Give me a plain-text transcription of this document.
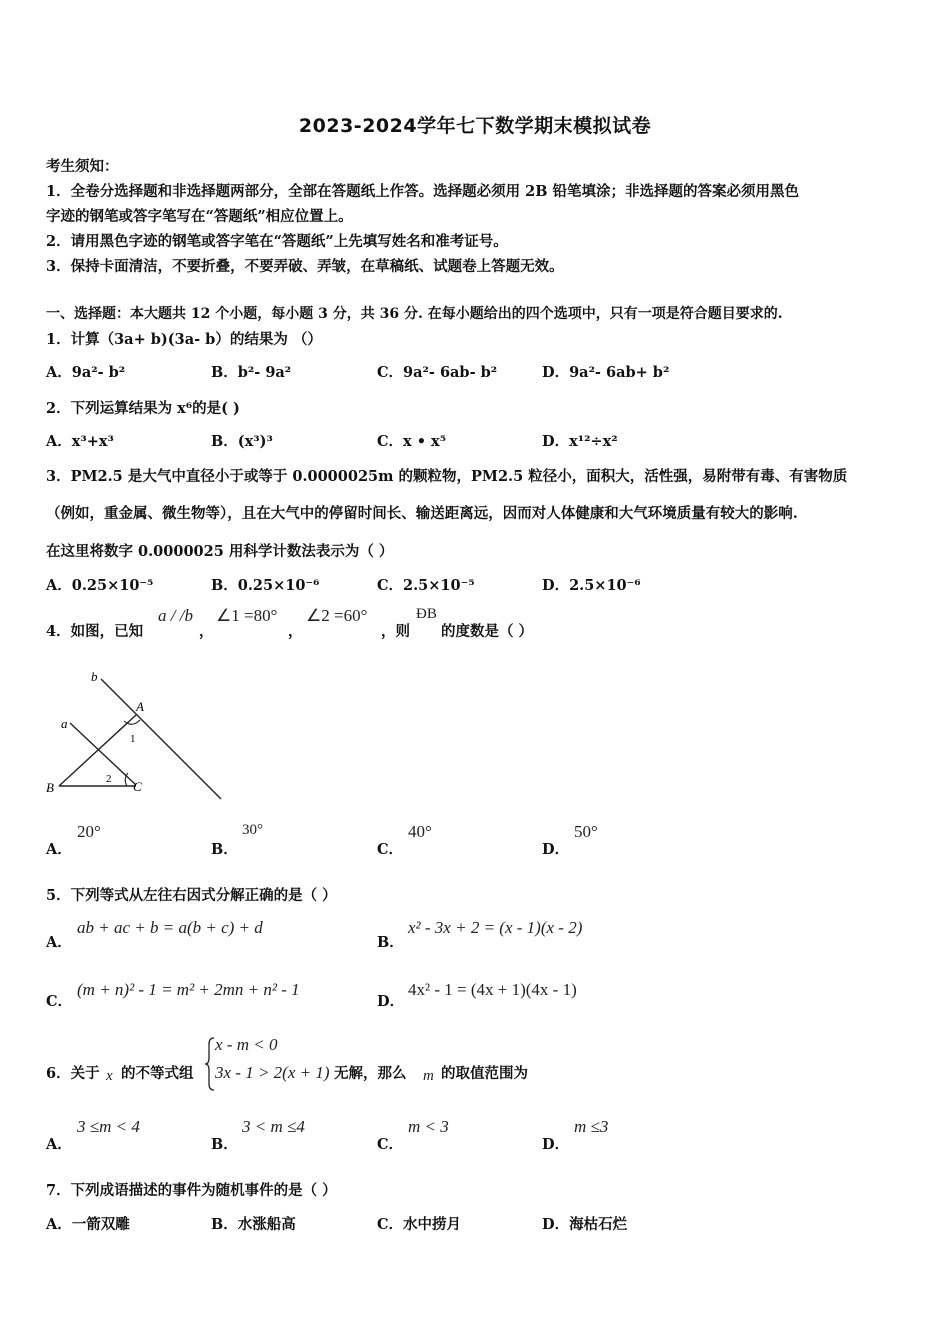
2023-2024学年七下数学期末模拟试卷
考生须知：
1．全卷分选择题和非选择题两部分，全部在答题纸上作答。选择题必须用 2B 铅笔填涂；非选择题的答案必须用黑色
字迹的钢笔或答字笔写在“答题纸”相应位置上。
2．请用黑色字迹的钢笔或答字笔在“答题纸”上先填写姓名和准考证号。
3．保持卡面清洁，不要折叠，不要弄破、弄皱，在草稿纸、试题卷上答题无效。
一、选择题：本大题共 12 个小题，每小题 3 分，共 36 分. 在每小题给出的四个选项中，只有一项是符合题目要求的.
1．计算（3a+ b)(3a- b）的结果为 （）
A．9a²- b²	B．b²- 9a²	C．9a²- 6ab- b²	D．9a²- 6ab+ b²
2．下列运算结果为 x⁶的是( )
A．x³+x³	B．(x³)³	C．x • x⁵	D．x¹²÷x²
3．PM2.5 是大气中直径小于或等于 0.0000025m 的颗粒物，PM2.5 粒径小，面积大，活性强，易附带有毒、有害物质
（例如，重金属、微生物等），且在大气中的停留时间长、输送距离远，因而对人体健康和大气环境质量有较大的影响.
在这里将数字 0.0000025 用科学计数法表示为（ ）
A．0.25×10⁻⁵	B．0.25×10⁻⁶	C．2.5×10⁻⁵	D．2.5×10⁻⁶
4．如图，已知
a / /b
，
∠1 =80°
，
∠2 =60°
，则
ÐB
的度数是（ ）
b
a
A
1
B
2 C
A．
20°
B．
30°
C．
40°
D．
50°
5．下列等式从左往右因式分解正确的是（ ）
A．
ab + ac + b = a(b + c) + d
B．
x² - 3x + 2 = (x - 1)(x - 2)
C．
(m + n)² - 1 = m² + 2mn + n² - 1
D．
4x² - 1 = (4x + 1)(4x - 1)
6．关于 x 的不等式组
x - m < 0
3x - 1 > 2(x + 1) 无解，那么 m 的取值范围为
A．
3 ≤m < 4
B．
3 < m ≤4
C．
m < 3
D．
m ≤3
7．下列成语描述的事件为随机事件的是（ ）
A．一箭双雕	B．水涨船高	C．水中捞月	D．海枯石烂
